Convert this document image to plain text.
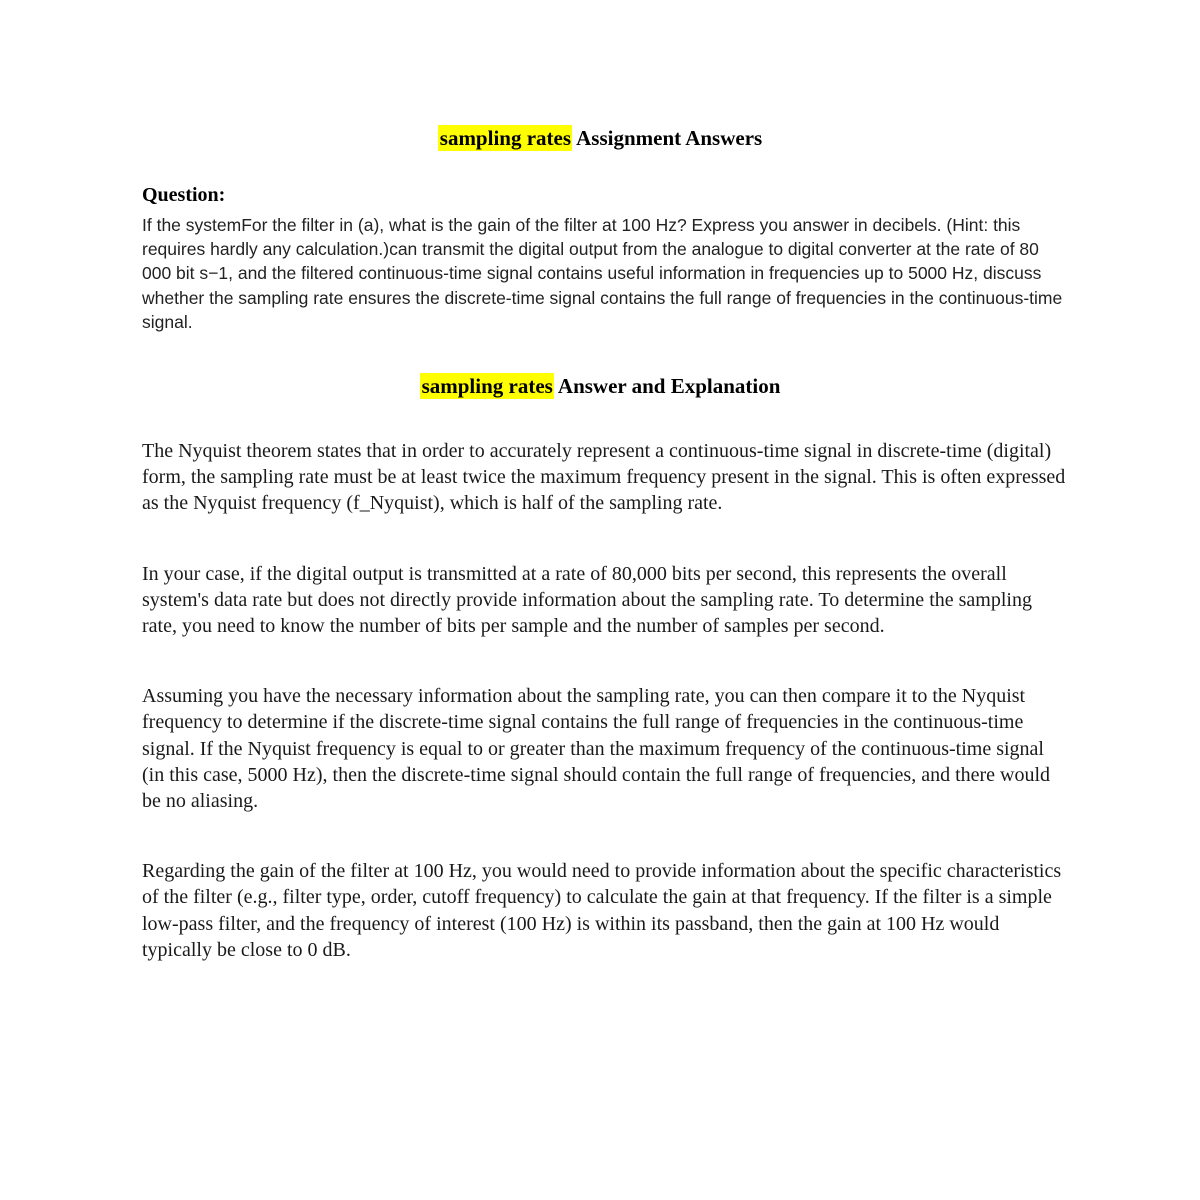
sampling rates Assignment Answers
Question:
If the systemFor the filter in (a), what is the gain of the filter at 100 Hz? Express you answer in decibels. (Hint: this requires hardly any calculation.)can transmit the digital output from the analogue to digital converter at the rate of 80 000 bit s−1, and the filtered continuous-time signal contains useful information in frequencies up to 5000 Hz, discuss whether the sampling rate ensures the discrete-time signal contains the full range of frequencies in the continuous-time signal.
sampling rates Answer and Explanation

The Nyquist theorem states that in order to accurately represent a continuous-time signal in discrete-time (digital) form, the sampling rate must be at least twice the maximum frequency present in the signal. This is often expressed as the Nyquist frequency (f_Nyquist), which is half of the sampling rate.

In your case, if the digital output is transmitted at a rate of 80,000 bits per second, this represents the overall system's data rate but does not directly provide information about the sampling rate. To determine the sampling rate, you need to know the number of bits per sample and the number of samples per second.

Assuming you have the necessary information about the sampling rate, you can then compare it to the Nyquist frequency to determine if the discrete-time signal contains the full range of frequencies in the continuous-time signal. If the Nyquist frequency is equal to or greater than the maximum frequency of the continuous-time signal (in this case, 5000 Hz), then the discrete-time signal should contain the full range of frequencies, and there would be no aliasing.

Regarding the gain of the filter at 100 Hz, you would need to provide information about the specific characteristics of the filter (e.g., filter type, order, cutoff frequency) to calculate the gain at that frequency. If the filter is a simple low-pass filter, and the frequency of interest (100 Hz) is within its passband, then the gain at 100 Hz would typically be close to 0 dB.
